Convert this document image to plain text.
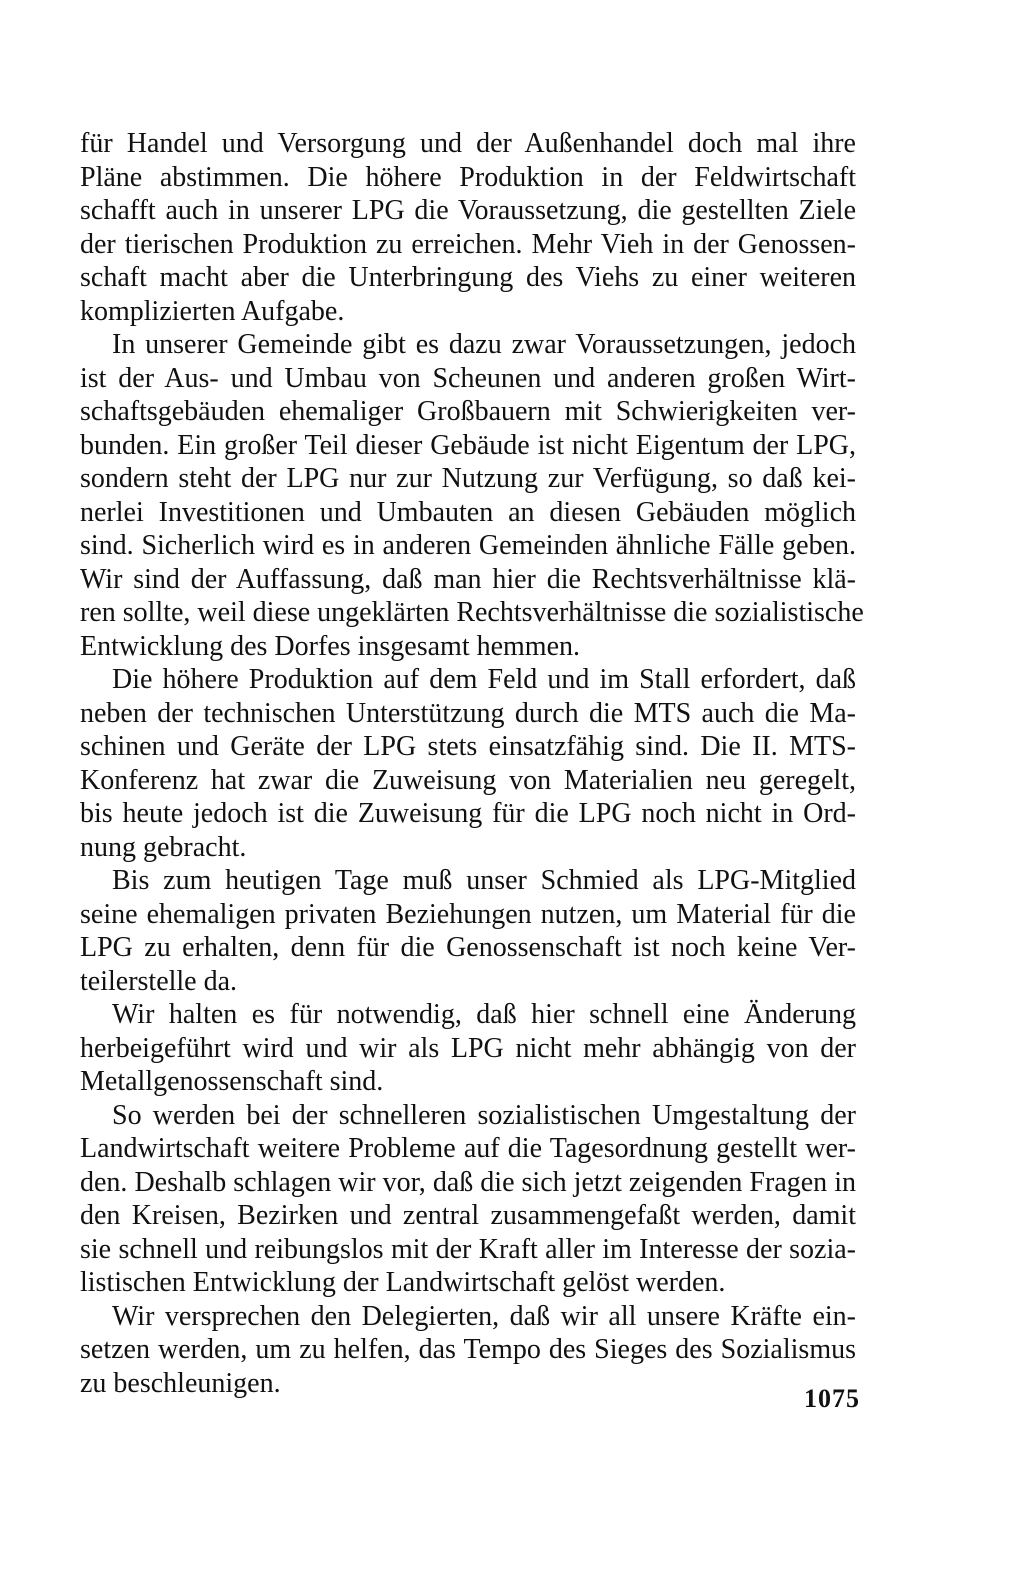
für Handel und Versorgung und der Außenhandel doch mal ihre
Pläne abstimmen. Die höhere Produktion in der Feldwirtschaft
schafft auch in unserer LPG die Voraussetzung, die gestellten Ziele
der tierischen Produktion zu erreichen. Mehr Vieh in der Genossen-
schaft macht aber die Unterbringung des Viehs zu einer weiteren
komplizierten Aufgabe.
In unserer Gemeinde gibt es dazu zwar Voraussetzungen, jedoch
ist der Aus- und Umbau von Scheunen und anderen großen Wirt-
schaftsgebäuden ehemaliger Großbauern mit Schwierigkeiten ver-
bunden. Ein großer Teil dieser Gebäude ist nicht Eigentum der LPG,
sondern steht der LPG nur zur Nutzung zur Verfügung, so daß kei-
nerlei Investitionen und Umbauten an diesen Gebäuden möglich
sind. Sicherlich wird es in anderen Gemeinden ähnliche Fälle geben.
Wir sind der Auffassung, daß man hier die Rechtsverhältnisse klä-
ren sollte, weil diese ungeklärten Rechtsverhältnisse die sozialistische
Entwicklung des Dorfes insgesamt hemmen.
Die höhere Produktion auf dem Feld und im Stall erfordert, daß
neben der technischen Unterstützung durch die MTS auch die Ma-
schinen und Geräte der LPG stets einsatzfähig sind. Die II. MTS-
Konferenz hat zwar die Zuweisung von Materialien neu geregelt,
bis heute jedoch ist die Zuweisung für die LPG noch nicht in Ord-
nung gebracht.
Bis zum heutigen Tage muß unser Schmied als LPG-Mitglied
seine ehemaligen privaten Beziehungen nutzen, um Material für die
LPG zu erhalten, denn für die Genossenschaft ist noch keine Ver-
teilerstelle da.
Wir halten es für notwendig, daß hier schnell eine Änderung
herbeigeführt wird und wir als LPG nicht mehr abhängig von der
Metallgenossenschaft sind.
So werden bei der schnelleren sozialistischen Umgestaltung der
Landwirtschaft weitere Probleme auf die Tagesordnung gestellt wer-
den. Deshalb schlagen wir vor, daß die sich jetzt zeigenden Fragen in
den Kreisen, Bezirken und zentral zusammengefaßt werden, damit
sie schnell und reibungslos mit der Kraft aller im Interesse der sozia-
listischen Entwicklung der Landwirtschaft gelöst werden.
Wir versprechen den Delegierten, daß wir all unsere Kräfte ein-
setzen werden, um zu helfen, das Tempo des Sieges des Sozialismus
zu beschleunigen.	1075
